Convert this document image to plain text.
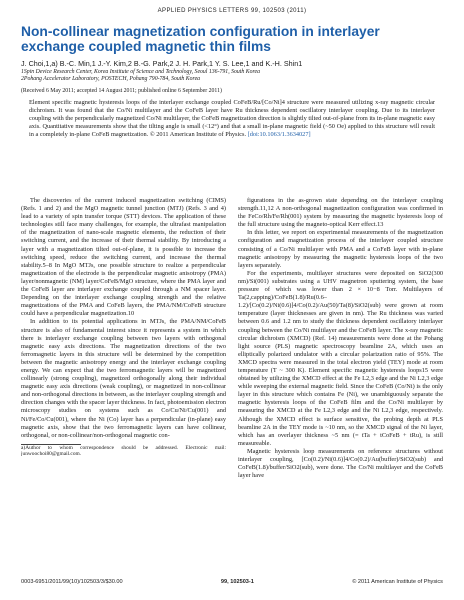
APPLIED PHYSICS LETTERS 99, 102503 (2011)
Non-collinear magnetization configuration in interlayer exchange coupled magnetic thin films
J. Choi,1,a) B.-C. Min,1 J.-Y. Kim,2 B.-G. Park,2 J. H. Park,1 Y. S. Lee,1 and K.-H. Shin1
1Spin Device Research Center, Korea Institute of Science and Technology, Seoul 136-791, South Korea
2Pohang Accelerator Laboratory, POSTECH, Pohang 790-784, South Korea
(Received 6 May 2011; accepted 14 August 2011; published online 6 September 2011)
Element specific magnetic hysteresis loops of the interlayer exchange coupled CoFeB/Ru/[Co/Ni]4 structure were measured utilizing x-ray magnetic circular dichroism. It was found that the Co/Ni multilayer and the CoFeB layer have Ru thickness dependent oscillatory interlayer coupling. Due to its interlayer coupling with the perpendicularly magnetized Co/Ni multilayer, the CoFeB magnetization direction is slightly tilted out-of-plane from its in-plane magnetic easy axis. Quantitative measurements show that the tilting angle is small (<12°) and that a small in-plane magnetic field (~50 Oe) applied to this structure will result in a completely in-plane CoFeB magnetization. © 2011 American Institute of Physics. [doi:10.1063/1.3634027]

The discoveries of the current induced magnetization switching (CIMS) (Refs. 1 and 2) and the MgO magnetic tunnel junction (MTJ) (Refs. 3 and 4) lead to a variety of spin transfer torque (STT) devices. The application of these technologies still face many challenges, for example, the ultrafast manipulation of the magnetization of nano-scale magnetic elements, the reduction of their switching current, and the increase of their thermal stability. By introducing a layer with a magnetization tilted out-of-plane, it is possible to increase the switching speed, reduce the switching current, and increase the thermal stability.5–8 In MgO MTJs, one possible structure to realize a perpendicular magnetization of the electrode is the perpendicular magnetic anisotropy (PMA) layer/nonmagnetic (NM) layer/CoFeB/MgO structure, where the PMA layer and the CoFeB layer are interlayer exchange coupled through a NM spacer layer. Depending on the interlayer exchange coupling strength and the relative magnetizations of the PMA and CoFeB layers, the PMA/NM/CoFeB structure could have a perpendicular magnetization.10

In addition to its potential applications in MTJs, the PMA/NM/CoFeB structure is also of fundamental interest since it represents a system in which there is interlayer exchange coupling between two layers with orthogonal magnetic easy axis directions. The magnetization directions of the two ferromagnetic layers in this structure will be determined by the competition between the magnetic anisotropy energy and the interlayer exchange coupling energy. We can expect that the two ferromagnetic layers will be magnetized collinearly (strong coupling), magnetized orthogonally along their individual magnetic easy axis directions (weak coupling), or magnetized in non-collinear and non-orthogonal directions in between, as the interlayer coupling strength and direction changes with the spacer layer thickness. In fact, photoemission electron microscopy studies on systems such as Co/Cu/Ni/Cu(001) and Ni/Fe/Co/Cu(001), where the Ni (Co) layer has a perpendicular (in-plane) easy magnetic axis, show that the two ferromagnetic layers can have collinear, orthogonal, or non-collinear/non-orthogonal magnetic con-

a)Author to whom correspondence should be addressed. Electronic mail: junwoochoi80@gmail.com.

figurations in the as-grown state depending on the interlayer coupling strength.11,12 A non-orthogonal magnetization configuration was confirmed in the FeCo/Rh/Fe/Rh(001) system by measuring the magnetic hysteresis loop of the full structure using the magneto-optical Kerr effect.13

In this letter, we report on experimental measurements of the magnetization configuration and magnetization process of the interlayer coupled structure consisting of a Co/Ni multilayer with PMA and a CoFeB layer with in-plane magnetic anisotropy by measuring the magnetic hysteresis loops of the two layers separately.

For the experiments, multilayer structures were deposited on SiO2(300 nm)/Si(001) substrates using a UHV magnetron sputtering system, the base pressure of which was lower than 2 × 10−8 Torr. Multilayers of Ta(2,capping)/CoFeB(1.8)/Ru(0.6–1.2)/[Co(0.2)/Ni(0.6)]4/Co(0.2)/Au(50)/Ta(8)/SiO2(sub) were grown at room temperature (layer thicknesses are given in nm). The Ru thickness was varied between 0.6 and 1.2 nm to study the thickness dependent oscillatory interlayer coupling between the Co/Ni multilayer and the CoFeB layer. The x-ray magnetic circular dichroism (XMCD) (Ref. 14) measurements were done at the Pohang light source (PLS) magnetic spectroscopy beamline 2A, which uses an elliptically polarized undulator with a circular polarization ratio of 95%. The XMCD spectra were measured in the total electron yield (TEY) mode at room temperature (T ~ 300 K). Element specific magnetic hysteresis loops15 were obtained by utilizing the XMCD effect at the Fe L2,3 edge and the Ni L2,3 edge while sweeping the external magnetic field. Since the CoFeB (Co/Ni) is the only layer in this structure which contains Fe (Ni), we unambiguously separate the magnetic hysteresis loops of the CoFeB film and the Co/Ni multilayer by measuring the XMCD at the Fe L2,3 edge and the Ni L2,3 edge, respectively. Although the XMCD effect is surface sensitive, the probing depth at PLS beamline 2A in the TEY mode is ~10 nm, so the XMCD signal of the Ni layer, which has an overlayer thickness ~5 nm (= tTa + tCoFeB + tRu), is still measureable.

Magnetic hysteresis loop measurements on reference structures without interlayer coupling, [Co(0.2)/Ni(0.6)]4/Co(0.2)/Au(buffer)/SiO2(sub) and CoFeB(1.8)/buffer/SiO2(sub), were done. The Co/Ni multilayer and the CoFeB layer have

0003-6951/2011/99(10)/102503/3/$30.00	99, 102503-1	© 2011 American Institute of Physics
